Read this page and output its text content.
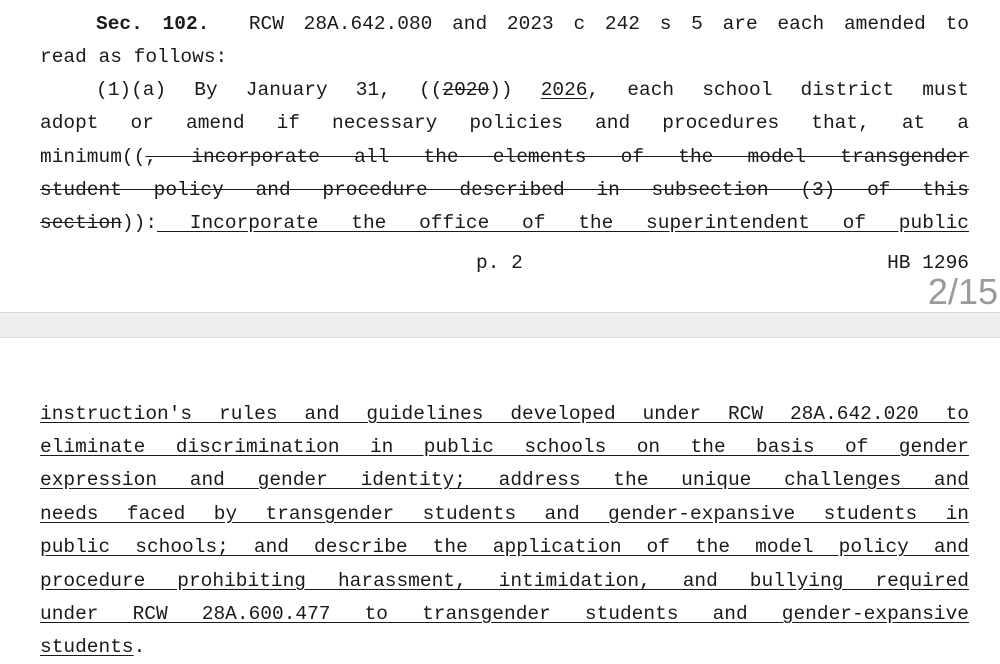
Sec. 102. RCW 28A.642.080 and 2023 c 242 s 5 are each amended to
read as follows:
(1)(a) By January 31, ((2020)) 2026, each school district must
adopt or amend if necessary policies and procedures that, at a
minimum((, incorporate all the elements of the model transgender
student policy and procedure described in subsection (3) of this
section)): Incorporate the office of the superintendent of public
p. 2	HB 1296
2/15
instruction's rules and guidelines developed under RCW 28A.642.020 to
eliminate discrimination in public schools on the basis of gender
expression and gender identity; address the unique challenges and
needs faced by transgender students and gender-expansive students in
public schools; and describe the application of the model policy and
procedure prohibiting harassment, intimidation, and bullying required
under RCW 28A.600.477 to transgender students and gender-expansive
students.
